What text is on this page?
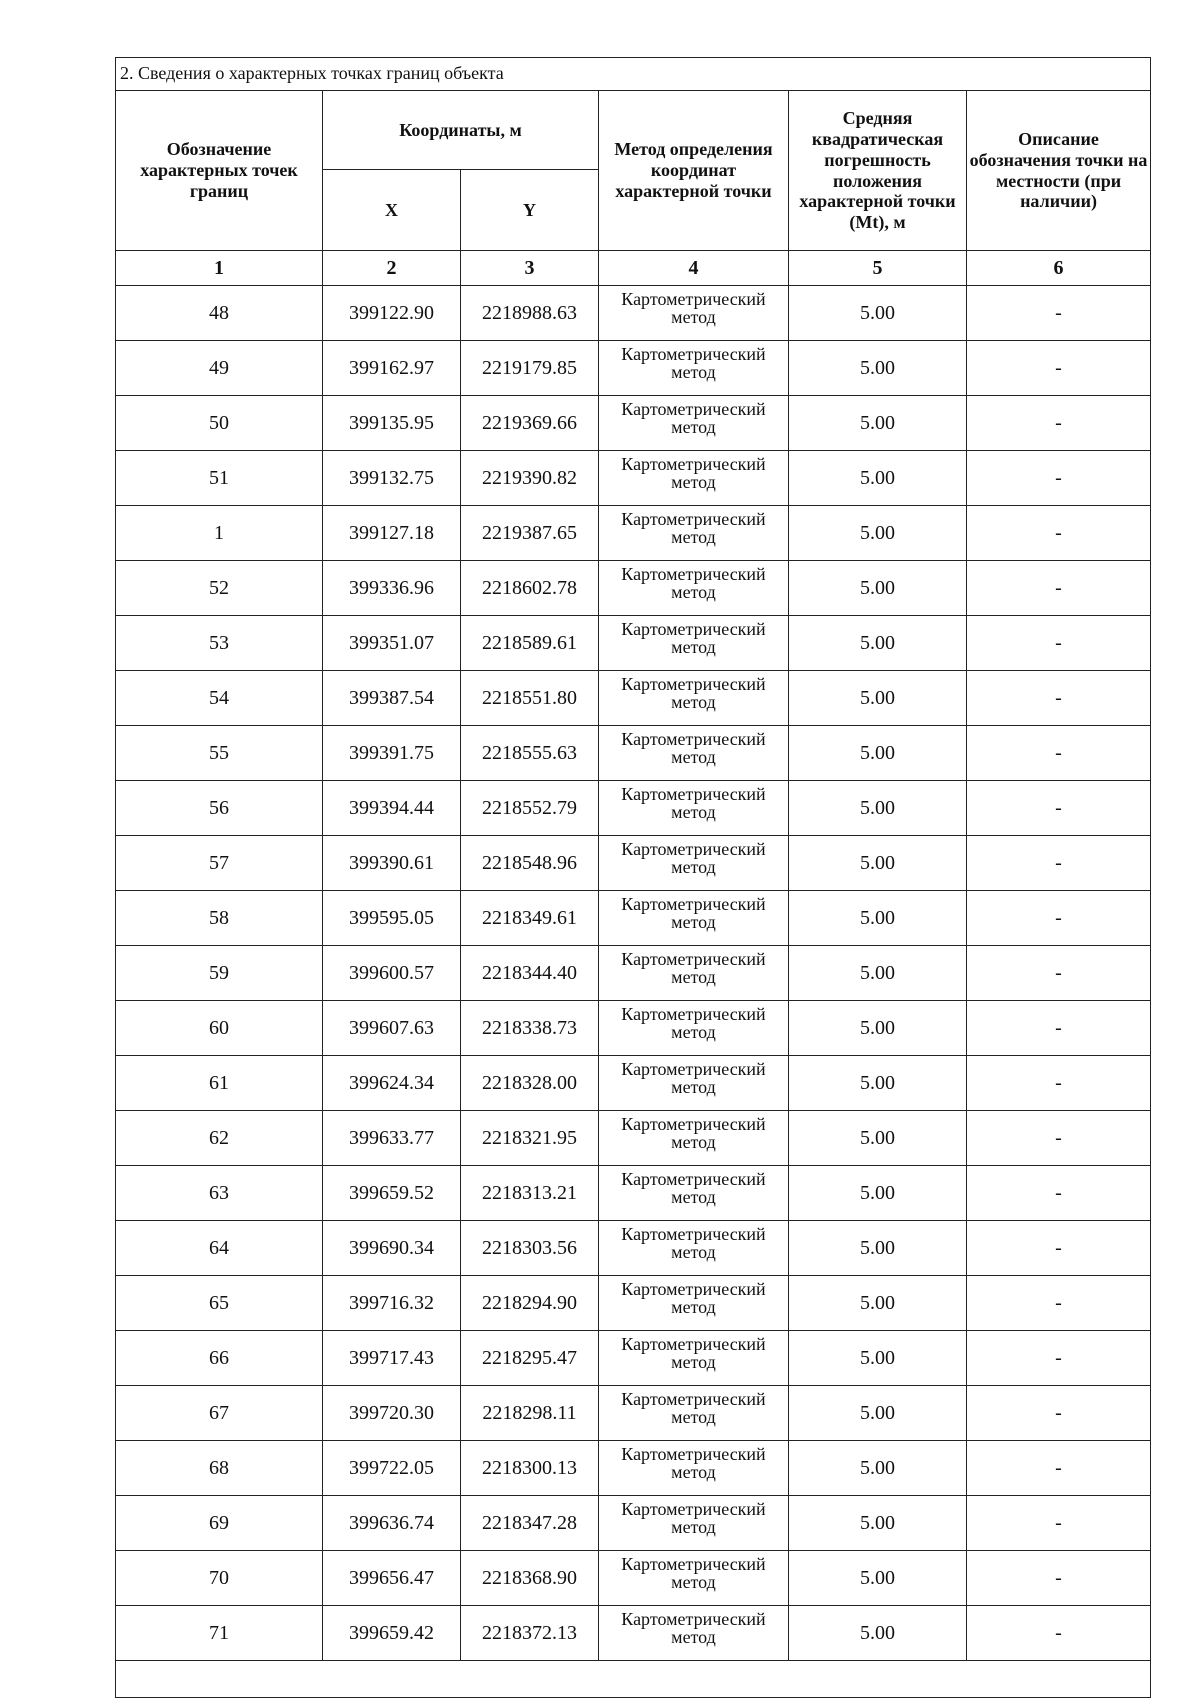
2. Сведения о характерных точках границ объекта					
Обозначение характерных точек границ	Координаты, м		Метод определения координат характерной точки	Средняя квадратическая погрешность положения характерной точки (Mt), м	Описание обозначения точки на местности (при наличии)
	X	Y			
1	2	3	4	5	6
48	399122.90	2218988.63	Картометрический метод	5.00	-
49	399162.97	2219179.85	Картометрический метод	5.00	-
50	399135.95	2219369.66	Картометрический метод	5.00	-
51	399132.75	2219390.82	Картометрический метод	5.00	-
1	399127.18	2219387.65	Картометрический метод	5.00	-
52	399336.96	2218602.78	Картометрический метод	5.00	-
53	399351.07	2218589.61	Картометрический метод	5.00	-
54	399387.54	2218551.80	Картометрический метод	5.00	-
55	399391.75	2218555.63	Картометрический метод	5.00	-
56	399394.44	2218552.79	Картометрический метод	5.00	-
57	399390.61	2218548.96	Картометрический метод	5.00	-
58	399595.05	2218349.61	Картометрический метод	5.00	-
59	399600.57	2218344.40	Картометрический метод	5.00	-
60	399607.63	2218338.73	Картометрический метод	5.00	-
61	399624.34	2218328.00	Картометрический метод	5.00	-
62	399633.77	2218321.95	Картометрический метод	5.00	-
63	399659.52	2218313.21	Картометрический метод	5.00	-
64	399690.34	2218303.56	Картометрический метод	5.00	-
65	399716.32	2218294.90	Картометрический метод	5.00	-
66	399717.43	2218295.47	Картометрический метод	5.00	-
67	399720.30	2218298.11	Картометрический метод	5.00	-
68	399722.05	2218300.13	Картометрический метод	5.00	-
69	399636.74	2218347.28	Картометрический метод	5.00	-
70	399656.47	2218368.90	Картометрический метод	5.00	-
71	399659.42	2218372.13	Картометрический метод	5.00	-
